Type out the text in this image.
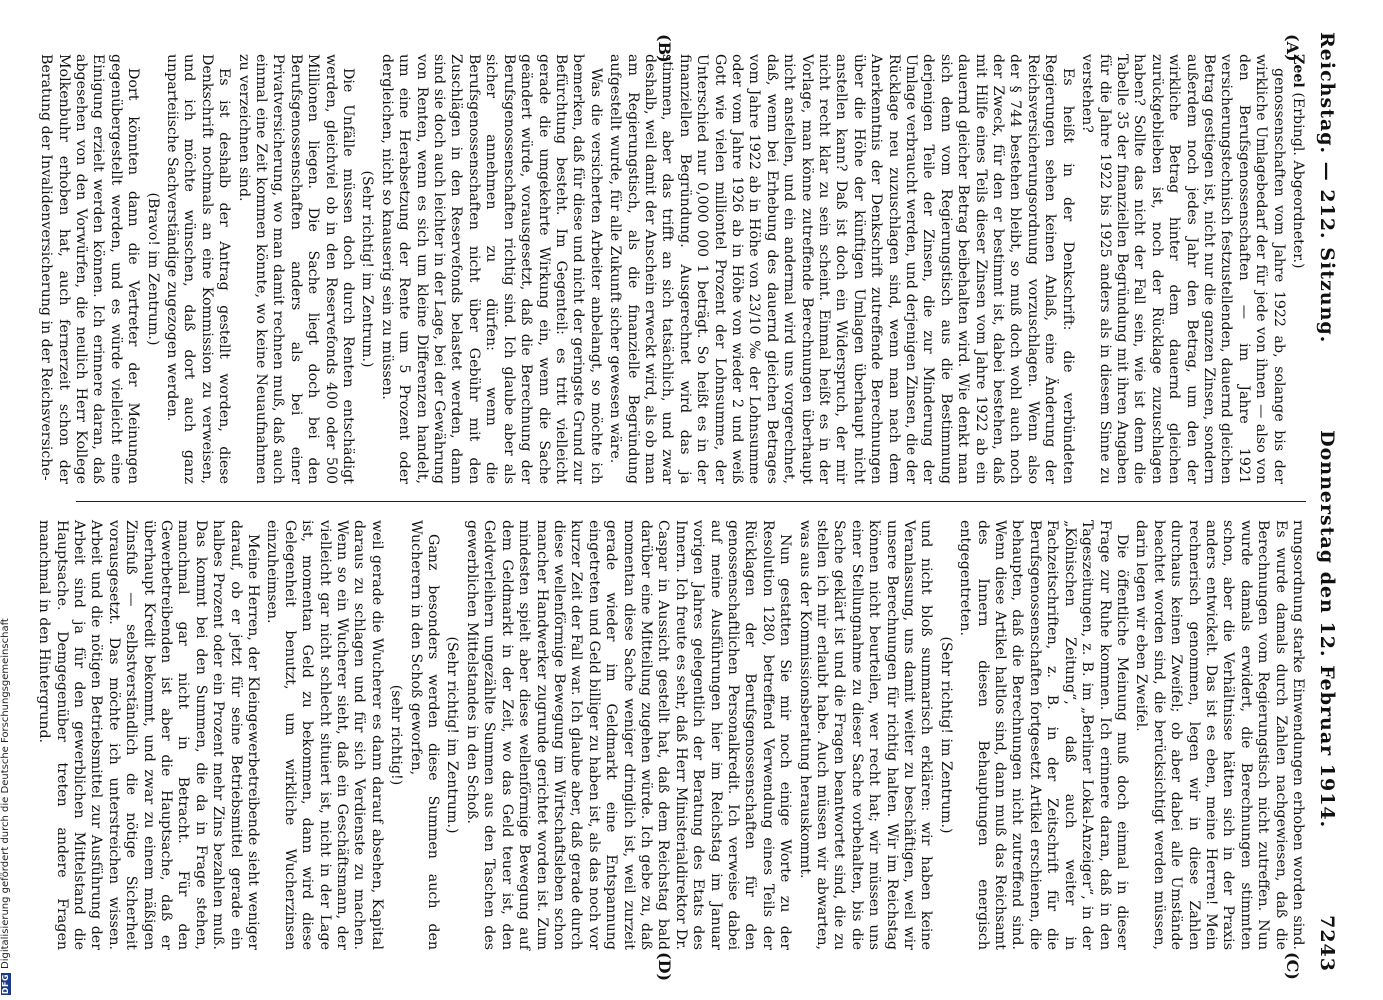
Reichstag. — 212. Sitzung.
Donnerstag den 12. Februar 1914.
7243
(A)
(B)
(C)
(D)

Zeel (Erbingl. Abgeordneter.)

genossenschaften vom Jahre 1922 ab, solange bis der wirkliche Umlagebedarf der für jede von ihnen — also von den Berufsgenossenschaften — im Jahre 1921 versicherungstechnisch festzustellenden, dauernd gleichen Betrag gestiegen ist, nicht nur die ganzen Zinsen, sondern außerdem noch jedes Jahr den Betrag, um den der wirkliche Betrag hinter dem dauernd gleichen zurückgeblieben ist, noch der Rücklage zuzuschlagen haben? Sollte das nicht der Fall sein, wie ist denn die Tabelle 35 der finanziellen Begründung mit ihren Angaben für die Jahre 1922 bis 1925 anders als in diesem Sinne zu verstehen?

Es heißt in der Denkschrift: die verbündeten Regierungen sehen keinen Anlaß, eine Änderung der Reichsversicherungsordnung vorzuschlagen. Wenn also der § 744 bestehen bleibt, so muß doch wohl auch noch der Zweck, für den er bestimmt ist, dabei bestehen, daß mit Hilfe eines Teils dieser Zinsen vom Jahre 1922 ab ein dauernd gleicher Betrag beibehalten wird. Wie denkt man sich denn vom Regierungstisch aus die Bestimmung derjenigen Teile der Zinsen, die zur Minderung der Umlage verbraucht werden, und derjenigen Zinsen, die der Rücklage neu zuzuschlagen sind, wenn man nach dem Anerkenntnis der Denkschrift zutreffende Berechnungen über die Höhe der künftigen Umlagen überhaupt nicht anstellen kann? Daß ist doch ein Widerspruch, der mir nicht recht klar zu sein scheint. Einmal heißt es in der Vorlage, man könne zutreffende Berechnungen überhaupt nicht anstellen, und ein andermal wird uns vorgerechnet, daß, wenn bei Erhebung des dauernd gleichen Betrages vom Jahre 1922 ab in Höhe von 23/10 ‰ der Lohnsumme oder vom Jahre 1926 ab in Höhe von wieder 2 und weiß Gott wie vielen milliontel Prozent der Lohnsumme, der Unterschied nur 0,000 000 1 beträgt. So heißt es in der finanziellen Begründung. Ausgerechnet wird das ja stimmen, aber das trifft an sich tatsächlich, und zwar deshalb, weil damit der Anschein erweckt wird, als ob man am Regierungstisch, als die finanzielle Begründung aufgestellt wurde, für alle Zukunft sicher gewesen wäre.

Was die versicherten Arbeiter anbelangt, so möchte ich bemerken, daß für diese und nicht der geringste Grund zur Befürchtung besteht. Im Gegenteil: es tritt vielleicht gerade die umgekehrte Wirkung ein, wenn die Sache geändert würde, vorausgesetzt, daß die Berechnung der Berufsgenossenschaften richtig sind. Ich glaube aber als sicher annehmen zu dürfen: wenn die Berufsgenossenschaften nicht über Gebühr mit den Zuschlägen in den Reservefonds belastet werden, dann sind sie doch auch leichter in der Lage, bei der Gewährung von Renten, wenn es sich um kleine Differenzen handelt, um eine Herabsetzung der Rente um 5 Prozent oder dergleichen, nicht so knauserig sein zu müssen.

(Sehr richtig! im Zentrum.)

Die Unfälle müssen doch durch Renten entschädigt werden, gleichviel ob in den Reservefonds 400 oder 500 Millionen liegen. Die Sache liegt doch bei den Berufsgenossenschaften anders als bei einer Privatversicherung, wo man damit rechnen muß, daß auch einmal eine Zeit kommen könnte, wo keine Neuaufnahmen zu verzeichnen sind.

Es ist deshalb der Antrag gestellt worden, diese Denkschrift nochmals an eine Kommission zu verweisen, und ich möchte wünschen, daß dort auch ganz unparteiische Sachverständige zugezogen werden.

(Bravo! im Zentrum.)

Dort könnten dann die Vertreter der Meinungen gegenübergestellt werden, und es würde vielleicht eine Einigung erzielt werden können. Ich erinnere daran, daß abgesehen von den Vorwürfen, die neulich Herr Kollege Molkenbuhr erhoben hat, auch fernerzeit schon der Beratung der Invalidenversicherung in der Reichsversiche-

rungsordnung starke Einwendungen erhoben worden sind. Es wurde damals durch Zahlen nachgewiesen, daß die Berechnungen vom Regierungstisch nicht zutreffen. Nun wurde damals erwidert, die Berechnungen stimmten schon, aber die Verhältnisse hätten sich in der Praxis anders entwickelt. Das ist es eben, meine Herren! Mein rechnerisch genommen, legen wir in diese Zahlen durchaus keinen Zweifel; ob aber dabei alle Umstände beachtet worden sind, die berücksichtigt werden müssen, darin legen wir eben Zweifel.

Die öffentliche Meinung muß doch einmal in dieser Frage zur Ruhe kommen. Ich erinnere daran, daß in den Tageszeitungen, z. B. im „Berliner Lokal-Anzeiger“, in der „Kölnischen Zeitung“, daß auch weiter in Fachzeitschriften, z. B. in der Zeitschrift für die Berufsgenossenschaften fortgesetzt Artikel erschienen, die behaupten, daß die Berechnungen nicht zutreffend sind. Wenn diese Artikel haltlos sind, dann muß das Reichsamt des Innern diesen Behauptungen energisch entgegentreten.

(Sehr richtig! im Zentrum.)

und nicht bloß summarisch erklären: wir haben keine Veranlassung, uns damit weiter zu beschäftigen, weil wir unsere Berechnungen für richtig halten. Wir im Reichstag können nicht beurteilen, wer recht hat; wir müssen uns einer Stellungnahme zu dieser Sache vorbehalten, bis die Sache geklärt ist und die Fragen beantwortet sind, die zu stellen ich mir erlaubt habe. Auch müssen wir abwarten, was aus der Kommissionsberatung herauskommt.

Nun gestatten Sie mir noch einige Worte zu der Resolution 1280, betreffend Verwendung eines Teils der Rücklagen der Berufsgenossenschaften für den genossenschaftlichen Personalkredit. Ich verweise dabei auf meine Ausführungen hier im Reichstag im Januar vorigen Jahres gelegentlich der Beratung des Etats des Innern. Ich freute es sehr, daß Herr Ministerialdirektor Dr. Caspar in Aussicht gestellt hat, daß dem Reichstag bald darüber eine Mitteilung zugehen würde. Ich gebe zu, daß momentan diese Sache weniger dringlich ist, weil zurzeit gerade wieder im Geldmarkt eine Entspannung eingetreten und Geld billiger zu haben ist, als das noch vor kurzer Zeit der Fall war. Ich glaube aber, daß gerade durch diese wellenförmige Bewegung im Wirtschaftsleben schon mancher Handwerker zugrunde gerichtet worden ist. Zum mindesten spielt aber diese wellenförmige Bewegung auf dem Geldmarkt in der Zeit, wo das Geld teuer ist, den Geldverleihern ungezählte Summen aus den Taschen des gewerblichen Mittelstandes in den Schoß.

(Sehr richtig! im Zentrum.)

Ganz besonders werden diese Summen auch den Wucherern in den Schoß geworfen,

(sehr richtig!)

weil gerade die Wucherer es dann darauf absehen, Kapital daraus zu schlagen und für sich Verdienste zu machen. Wenn so ein Wucherer sieht, daß ein Geschäftsmann, der vielleicht gar nicht schlecht situiert ist, nicht in der Lage ist, momentan Geld zu bekommen, dann wird diese Gelegenheit benutzt, um wirkliche Wucherzinsen einzuheimsen.

Meine Herren, der Kleingewerbetreibende sieht weniger darauf, ob er jetzt für seine Betriebsmittel gerade ein halbes Prozent oder ein Prozent mehr Zins bezahlen muß. Das kommt bei den Summen, die da in Frage stehen, manchmal gar nicht in Betracht. Für den Gewerbetreibenden ist aber die Hauptsache, daß er überhaupt Kredit bekommt, und zwar zu einem mäßigen Zinsfuß — selbstverständlich die nötige Sicherheit vorausgesetzt. Das möchte ich unterstreichen wissen. Arbeit und die nötigen Betriebsmittel zur Ausführung der Arbeit sind ja für den gewerblichen Mittelstand die Hauptsache. Demgegenüber treten andere Fragen manchmal in den Hintergrund.

DFG
Digitalisierung gefördert durch die Deutsche Forschungsgemeinschaft
